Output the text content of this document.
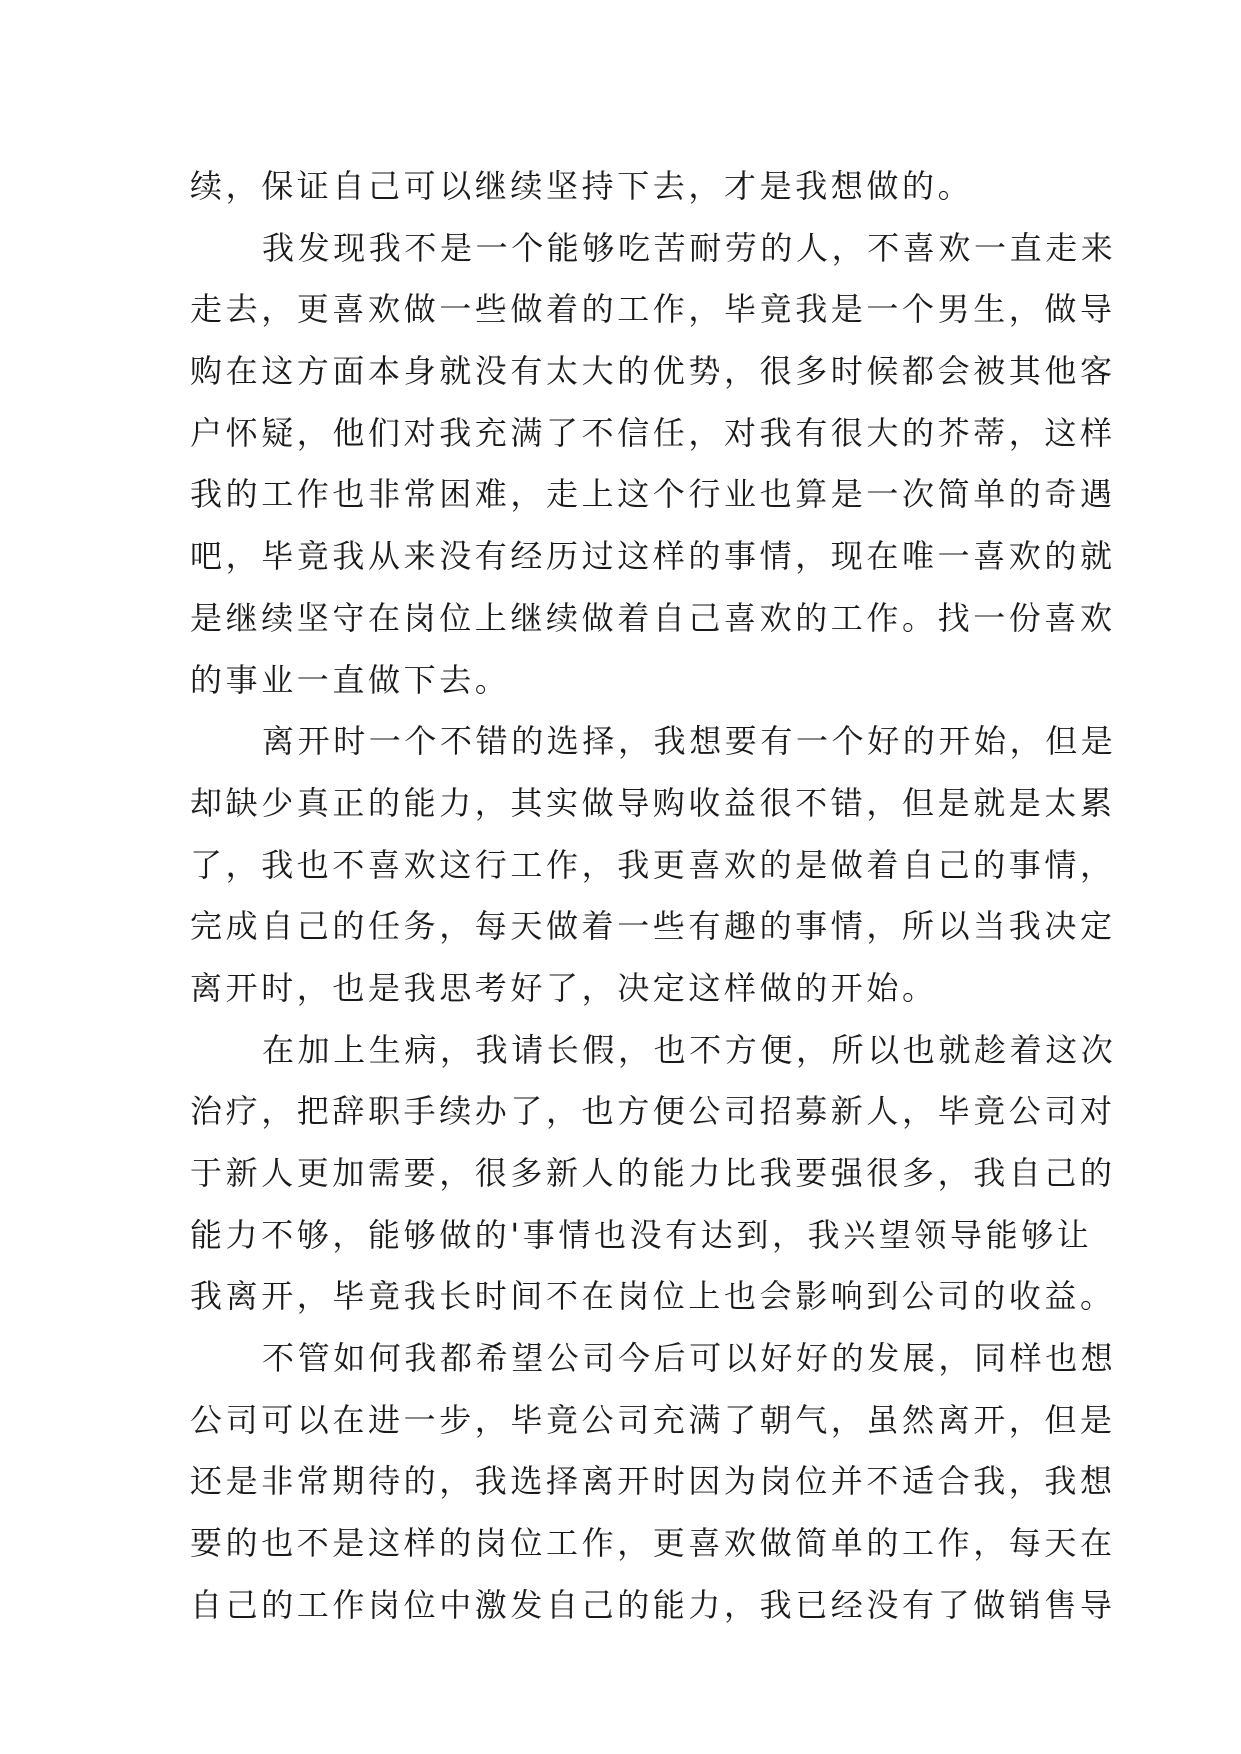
续，保证自己可以继续坚持下去，才是我想做的。
我发现我不是一个能够吃苦耐劳的人，不喜欢一直走来
走去，更喜欢做一些做着的工作，毕竟我是一个男生，做导
购在这方面本身就没有太大的优势，很多时候都会被其他客
户怀疑，他们对我充满了不信任，对我有很大的芥蒂，这样
我的工作也非常困难，走上这个行业也算是一次简单的奇遇
吧，毕竟我从来没有经历过这样的事情，现在唯一喜欢的就
是继续坚守在岗位上继续做着自己喜欢的工作。找一份喜欢
的事业一直做下去。
离开时一个不错的选择，我想要有一个好的开始，但是
却缺少真正的能力，其实做导购收益很不错，但是就是太累
了，我也不喜欢这行工作，我更喜欢的是做着自己的事情，
完成自己的任务，每天做着一些有趣的事情，所以当我决定
离开时，也是我思考好了，决定这样做的开始。
在加上生病，我请长假，也不方便，所以也就趁着这次
治疗，把辞职手续办了，也方便公司招募新人，毕竟公司对
于新人更加需要，很多新人的能力比我要强很多，我自己的
能力不够，能够做的'事情也没有达到，我兴望领导能够让
我离开，毕竟我长时间不在岗位上也会影响到公司的收益。
不管如何我都希望公司今后可以好好的发展，同样也想
公司可以在进一步，毕竟公司充满了朝气，虽然离开，但是
还是非常期待的，我选择离开时因为岗位并不适合我，我想
要的也不是这样的岗位工作，更喜欢做简单的工作，每天在
自己的工作岗位中激发自己的能力，我已经没有了做销售导
